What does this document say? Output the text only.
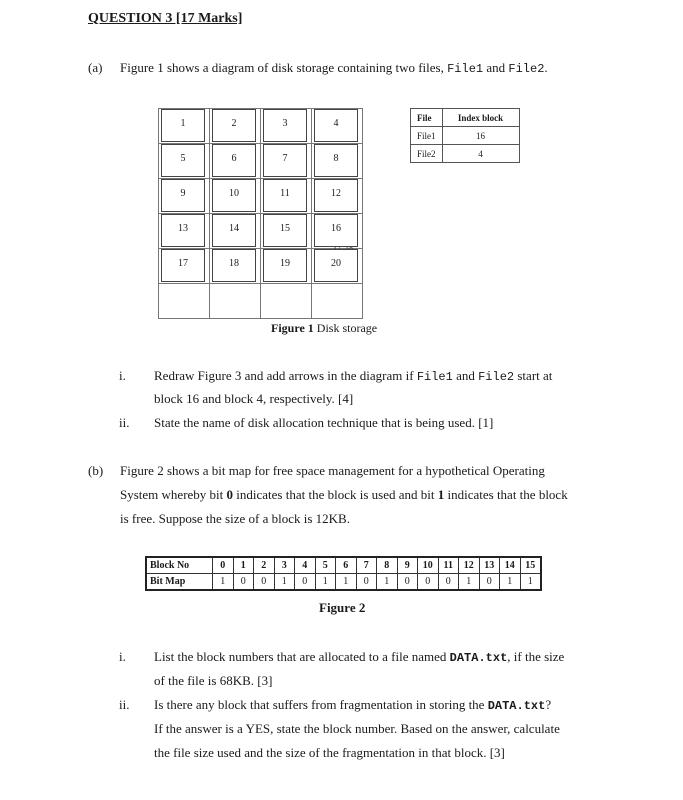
QUESTION 3 [17 Marks]
(a) Figure 1 shows a diagram of disk storage containing two files, File1 and File2.
1	2	3	4
5	6	7	8
9	10	11	12
13	14	15	16
17	18	19	20
File	Index block
File1	16
File2	4
Figure 1 Disk storage
i. Redraw Figure 3 and add arrows in the diagram if File1 and File2 start at
block 16 and block 4, respectively. [4]
ii. State the name of disk allocation technique that is being used. [1]
(b) Figure 2 shows a bit map for free space management for a hypothetical Operating
System whereby bit 0 indicates that the block is used and bit 1 indicates that the block
is free. Suppose the size of a block is 12KB.
Block No	0	1	2	3	4	5	6	7	8	9	10	11	12	13	14	15
Bit Map	1	0	0	1	0	1	1	0	1	0	0	0	1	0	1	1
Figure 2
i. List the block numbers that are allocated to a file named DATA.txt, if the size
of the file is 68KB. [3]
ii. Is there any block that suffers from fragmentation in storing the DATA.txt?
If the answer is a YES, state the block number. Based on the answer, calculate
the file size used and the size of the fragmentation in that block. [3]
